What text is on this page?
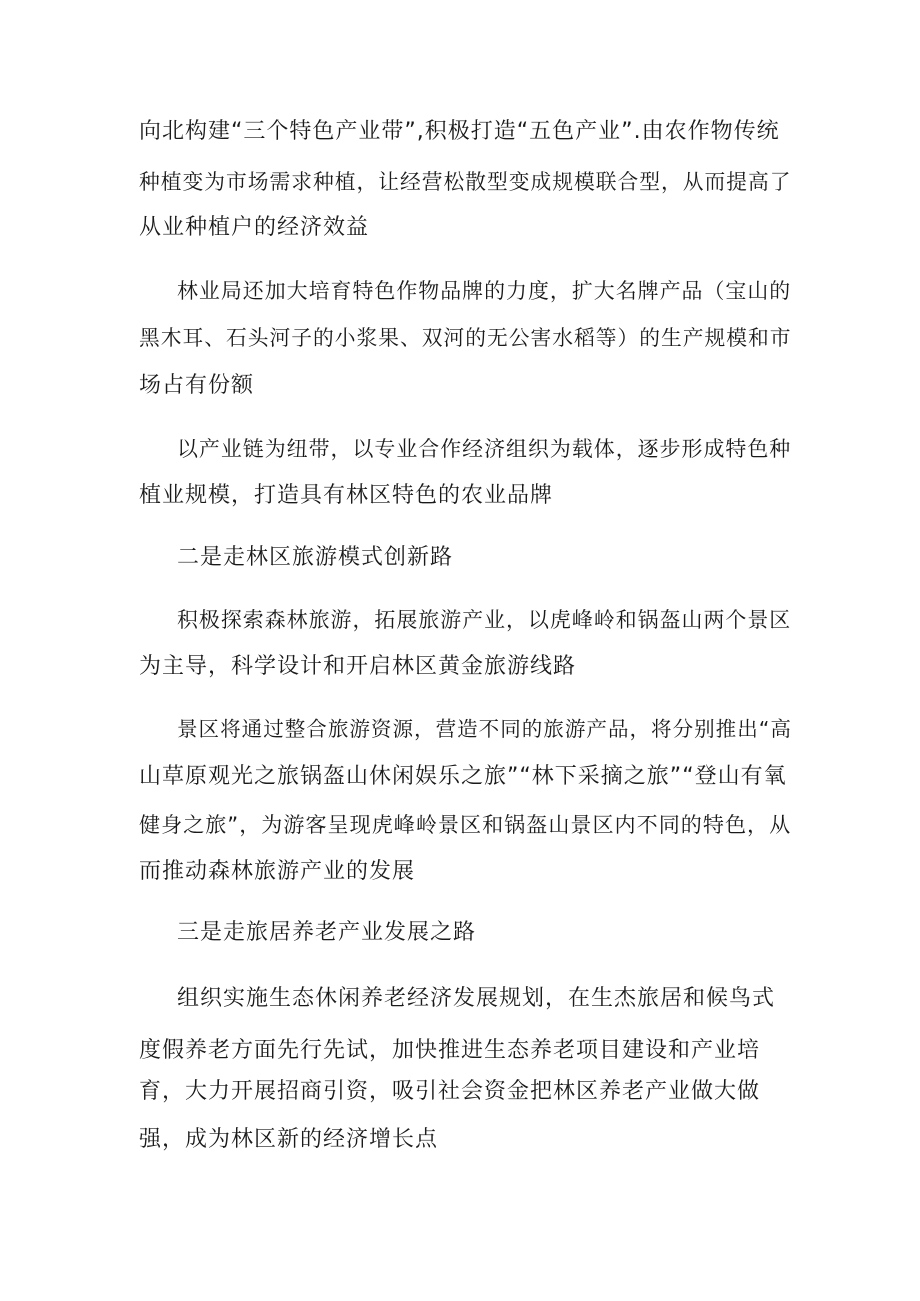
向北构建“三个特色产业带”,积极打造“五色产业”.由农作物传统
种植变为市场需求种植，让经营松散型变成规模联合型，从而提高了
从业种植户的经济效益
林业局还加大培育特色作物品牌的力度，扩大名牌产品（宝山的
黑木耳、石头河子的小浆果、双河的无公害水稻等）的生产规模和市
场占有份额
以产业链为纽带，以专业合作经济组织为载体，逐步形成特色种
植业规模，打造具有林区特色的农业品牌
二是走林区旅游模式创新路
积极探索森林旅游，拓展旅游产业，以虎峰岭和锅盔山两个景区
为主导，科学设计和开启林区黄金旅游线路
景区将通过整合旅游资源，营造不同的旅游产品，将分别推出“高
山草原观光之旅锅盔山休闲娱乐之旅”“林下采摘之旅”“登山有氧
健身之旅”，为游客呈现虎峰岭景区和锅盔山景区内不同的特色，从
而推动森林旅游产业的发展
三是走旅居养老产业发展之路
组织实施生态休闲养老经济发展规划，在生杰旅居和候鸟式
度假养老方面先行先试，加快推进生态养老项目建设和产业培
育，大力开展招商引资，吸引社会资金把林区养老产业做大做
强，成为林区新的经济增长点
